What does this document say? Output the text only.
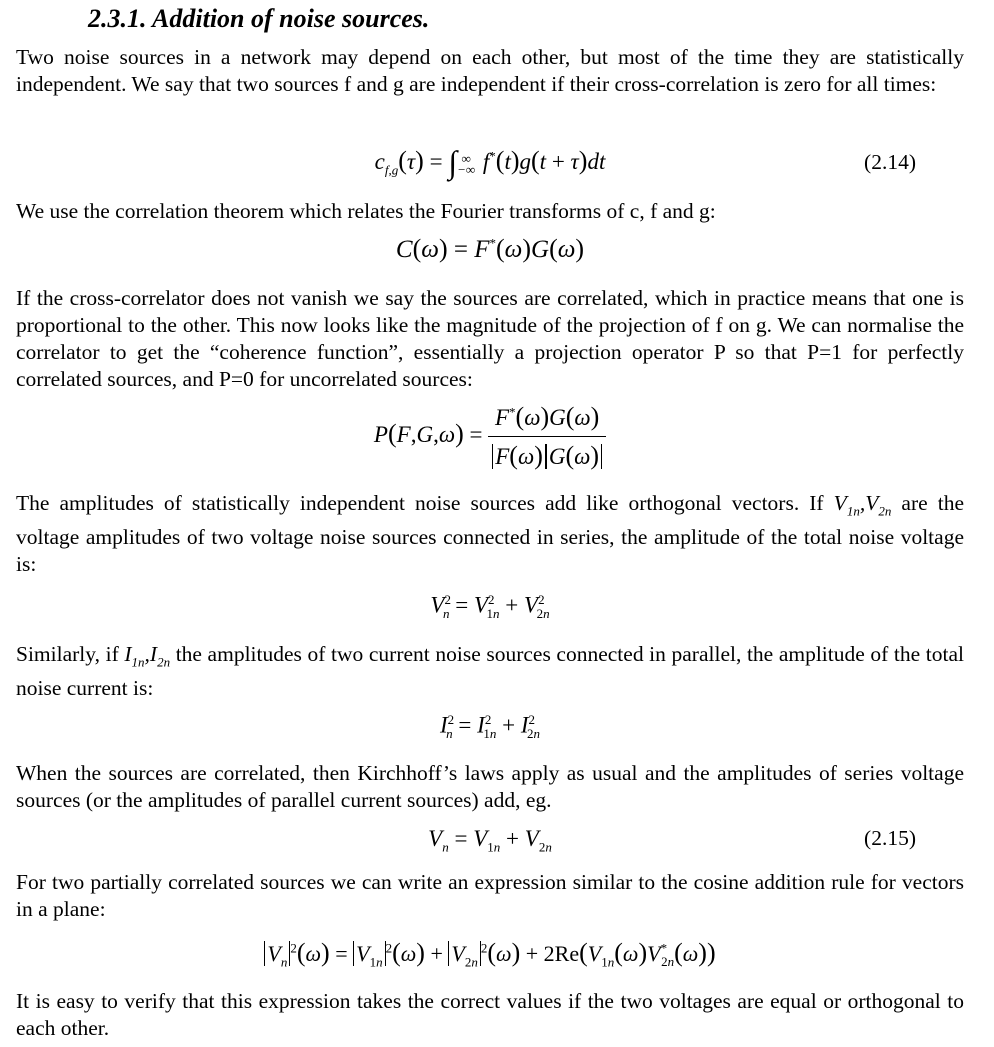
2.3.1. Addition of noise sources.
Two noise sources in a network may depend on each other, but most of the time they are statistically independent. We say that two sources f and g are independent if their cross-correlation is zero for all times:
$c_{f,g}(\tau)$ = ∫ ∞
−∞ f*(t)g(t + τ)dt	(2.14)
We use the correlation theorem which relates the Fourier transforms of c, f and g:
C(ω) = F*(ω)G(ω)
If the cross-correlator does not vanish we say the sources are correlated, which in practice means that one is proportional to the other. This now looks like the magnitude of the projection of f on g. We can normalise the correlator to get the “coherence function”, essentially a projection operator P so that P=1 for perfectly correlated sources, and P=0 for uncorrelated sources:
$P(F,G,\omega) = \frac{F^*(\omega)G(\omega)}{F(\omega) G(\omega)}$
The amplitudes of statistically independent noise sources add like orthogonal vectors. If $V_{1n},V_{2n}$ are the voltage amplitudes of two voltage noise sources connected in series, the amplitude of the total noise voltage is:
$V^2_n = V^2_{1n} + V^2_{2n}$
Similarly, if $I_{1n},I_{2n}$ the amplitudes of two current noise sources connected in parallel, the amplitude of the total noise current is:
$I^2_n = I^2_{1n} + I^2_{2n}$
When the sources are correlated, then Kirchhoff’s laws apply as usual and the amplitudes of series voltage sources (or the amplitudes of parallel current sources) add, eg.
$V_n = V_{1n} + V_{2n}$	(2.15)
For two partially correlated sources we can write an expression similar to the cosine addition rule for vectors in a plane:
$V_n^2(\omega) = V_{1n}^2(\omega) + V_{2n}^2(\omega) + 2Re(V_{1n}(\omega)V^*_{2n}(\omega))$
It is easy to verify that this expression takes the correct values if the two voltages are equal or orthogonal to each other.
